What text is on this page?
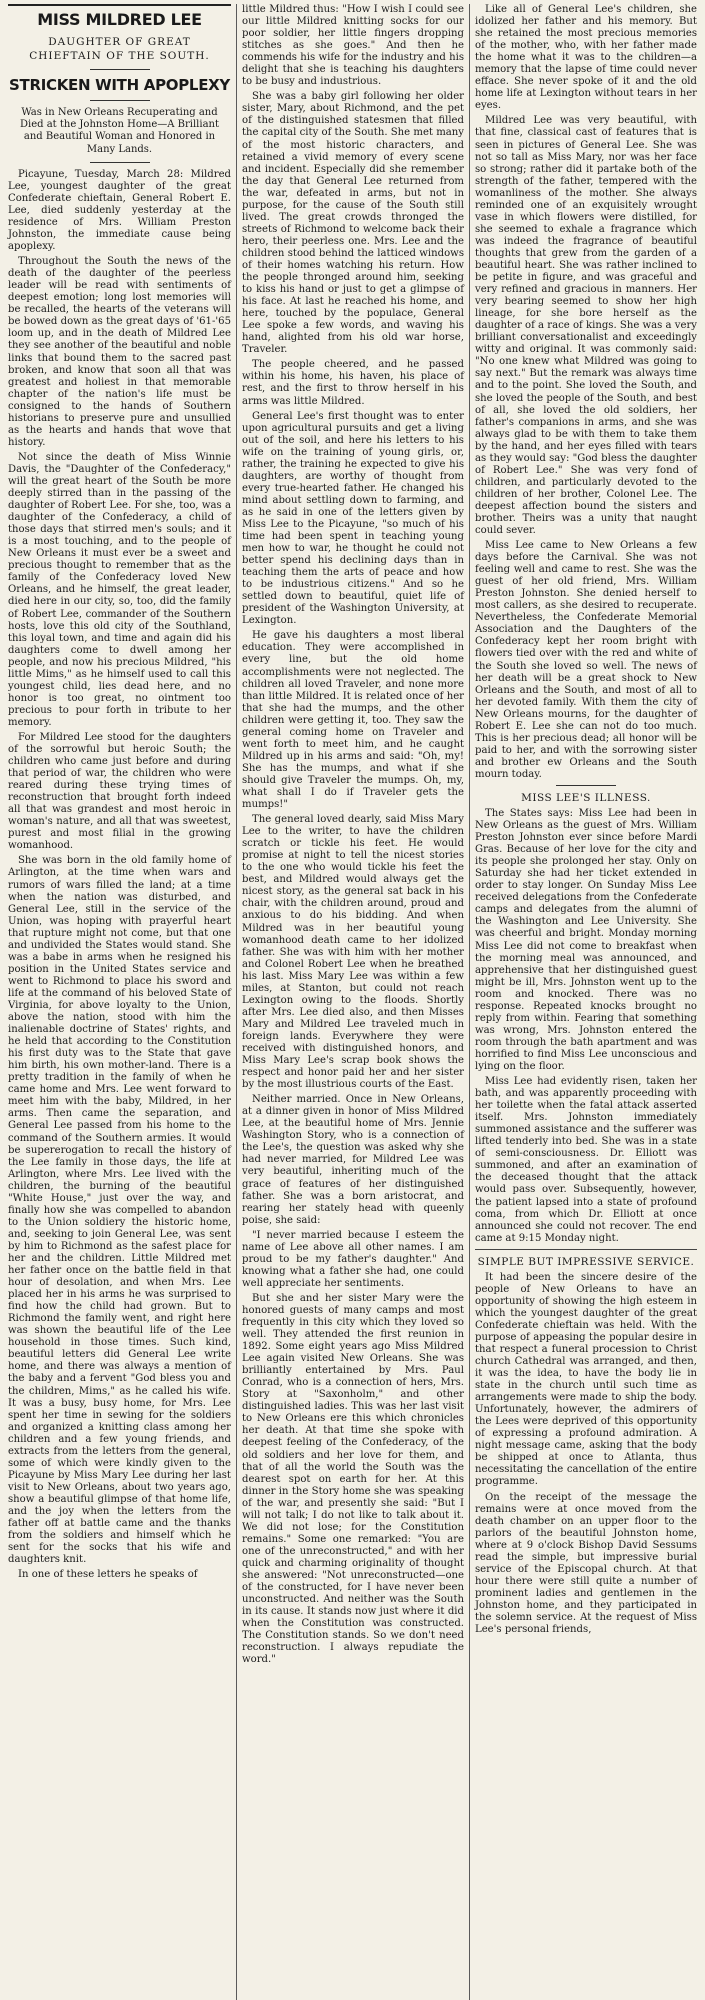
MISS MILDRED LEE
DAUGHTER OF GREAT CHIEFTAIN OF THE SOUTH.
STRICKEN WITH APOPLEXY
Was in New Orleans Recuperating and Died at the Johnston Home—A Brilliant and Beautiful Woman and Honored in Many Lands.

Picayune, Tuesday, March 28: Mildred Lee, youngest daughter of the great Confederate chieftain, General Robert E. Lee, died suddenly yesterday at the residence of Mrs. William Preston Johnston, the immediate cause being apoplexy.

Throughout the South the news of the death of the daughter of the peerless leader will be read with sentiments of deepest emotion; long lost memories will be recalled, the hearts of the veterans will be bowed down as the great days of '61-'65 loom up, and in the death of Mildred Lee they see another of the beautiful and noble links that bound them to the sacred past broken, and know that soon all that was greatest and holiest in that memorable chapter of the nation's life must be consigned to the hands of Southern historians to preserve pure and unsullied as the hearts and hands that wove that history.

Not since the death of Miss Winnie Davis, the "Daughter of the Confederacy," will the great heart of the South be more deeply stirred than in the passing of the daughter of Robert Lee. For she, too, was a daughter of the Confederacy, a child of those days that stirred men's souls; and it is a most touching, and to the people of New Orleans it must ever be a sweet and precious thought to remember that as the family of the Confederacy loved New Orleans, and he himself, the great leader, died here in our city, so, too, did the family of Robert Lee, commander of the Southern hosts, love this old city of the Southland, this loyal town, and time and again did his daughters come to dwell among her people, and now his precious Mildred, "his little Mims," as he himself used to call this youngest child, lies dead here, and no honor is too great, no ointment too precious to pour forth in tribute to her memory.

For Mildred Lee stood for the daughters of the sorrowful but heroic South; the children who came just before and during that period of war, the children who were reared during these trying times of reconstruction that brought forth indeed all that was grandest and most heroic in woman's nature, and all that was sweetest, purest and most filial in the growing womanhood.

She was born in the old family home of Arlington, at the time when wars and rumors of wars filled the land; at a time when the nation was disturbed, and General Lee, still in the service of the Union, was hoping with prayerful heart that rupture might not come, but that one and undivided the States would stand. She was a babe in arms when he resigned his position in the United States service and went to Richmond to place his sword and life at the command of his beloved State of Virginia, for above loyalty to the Union, above the nation, stood with him the inalienable doctrine of States' rights, and he held that according to the Constitution his first duty was to the State that gave him birth, his own mother-land. There is a pretty tradition in the family of when he came home and Mrs. Lee went forward to meet him with the baby, Mildred, in her arms. Then came the separation, and General Lee passed from his home to the command of the Southern armies. It would be supererogation to recall the history of the Lee family in those days, the life at Arlington, where Mrs. Lee lived with the children, the burning of the beautiful "White House," just over the way, and finally how she was compelled to abandon to the Union soldiery the historic home, and, seeking to join General Lee, was sent by him to Richmond as the safest place for her and the children. Little Mildred met her father once on the battle field in that hour of desolation, and when Mrs. Lee placed her in his arms he was surprised to find how the child had grown. But to Richmond the family went, and right here was shown the beautiful life of the Lee household in those times. Such kind, beautiful letters did General Lee write home, and there was always a mention of the baby and a fervent "God bless you and the children, Mims," as he called his wife. It was a busy, busy home, for Mrs. Lee spent her time in sewing for the soldiers and organized a knitting class among her children and a few young friends, and extracts from the letters from the general, some of which were kindly given to the Picayune by Miss Mary Lee during her last visit to New Orleans, about two years ago, show a beautiful glimpse of that home life, and the joy when the letters from the father off at battle came and the thanks from the soldiers and himself which he sent for the socks that his wife and daughters knit.

In one of these letters he speaks of

little Mildred thus: "How I wish I could see our little Mildred knitting socks for our poor soldier, her little fingers dropping stitches as she goes." And then he commends his wife for the industry and his delight that she is teaching his daughters to be busy and industrious.

She was a baby girl following her older sister, Mary, about Richmond, and the pet of the distinguished statesmen that filled the capital city of the South. She met many of the most historic characters, and retained a vivid memory of every scene and incident. Especially did she remember the day that General Lee returned from the war, defeated in arms, but not in purpose, for the cause of the South still lived. The great crowds thronged the streets of Richmond to welcome back their hero, their peerless one. Mrs. Lee and the children stood behind the latticed windows of their homes watching his return. How the people thronged around him, seeking to kiss his hand or just to get a glimpse of his face. At last he reached his home, and here, touched by the populace, General Lee spoke a few words, and waving his hand, alighted from his old war horse, Traveler.

The people cheered, and he passed within his home, his haven, his place of rest, and the first to throw herself in his arms was little Mildred.

General Lee's first thought was to enter upon agricultural pursuits and get a living out of the soil, and here his letters to his wife on the training of young girls, or, rather, the training he expected to give his daughters, are worthy of thought from every true-hearted father. He changed his mind about settling down to farming, and as he said in one of the letters given by Miss Lee to the Picayune, "so much of his time had been spent in teaching young men how to war, he thought he could not better spend his declining days than in teaching them the arts of peace and how to be industrious citizens." And so he settled down to beautiful, quiet life of president of the Washington University, at Lexington.

He gave his daughters a most liberal education. They were accomplished in every line, but the old home accomplishments were not neglected. The children all loved Traveler, and none more than little Mildred. It is related once of her that she had the mumps, and the other children were getting it, too. They saw the general coming home on Traveler and went forth to meet him, and he caught Mildred up in his arms and said: "Oh, my! She has the mumps, and what if she should give Traveler the mumps. Oh, my, what shall I do if Traveler gets the mumps!"

The general loved dearly, said Miss Mary Lee to the writer, to have the children scratch or tickle his feet. He would promise at night to tell the nicest stories to the one who would tickle his feet the best, and Mildred would always get the nicest story, as the general sat back in his chair, with the children around, proud and anxious to do his bidding. And when Mildred was in her beautiful young womanhood death came to her idolized father. She was with him with her mother and Colonel Robert Lee when he breathed his last. Miss Mary Lee was within a few miles, at Stanton, but could not reach Lexington owing to the floods. Shortly after Mrs. Lee died also, and then Misses Mary and Mildred Lee traveled much in foreign lands. Everywhere they were received with distinguished honors, and Miss Mary Lee's scrap book shows the respect and honor paid her and her sister by the most illustrious courts of the East.

Neither married. Once in New Orleans, at a dinner given in honor of Miss Mildred Lee, at the beautiful home of Mrs. Jennie Washington Story, who is a connection of the Lee's, the question was asked why she had never married, for Mildred Lee was very beautiful, inheriting much of the grace of features of her distinguished father. She was a born aristocrat, and rearing her stately head with queenly poise, she said:

"I never married because I esteem the name of Lee above all other names. I am proud to be my father's daughter." And knowing what a father she had, one could well appreciate her sentiments.

But she and her sister Mary were the honored guests of many camps and most frequently in this city which they loved so well. They attended the first reunion in 1892. Some eight years ago Miss Mildred Lee again visited New Orleans. She was brilliantly entertained by Mrs. Paul Conrad, who is a connection of hers, Mrs. Story at "Saxonholm," and other distinguished ladies. This was her last visit to New Orleans ere this which chronicles her death. At that time she spoke with deepest feeling of the Confederacy, of the old soldiers and her love for them, and that of all the world the South was the dearest spot on earth for her. At this dinner in the Story home she was speaking of the war, and presently she said: "But I will not talk; I do not like to talk about it. We did not lose; for the Constitution remains." Some one remarked: "You are one of the unreconstructed," and with her quick and charming originality of thought she answered: "Not unreconstructed—one of the constructed, for I have never been unconstructed. And neither was the South in its cause. It stands now just where it did when the Constitution was constructed. The Constitution stands. So we don't need reconstruction. I always repudiate the word."

Like all of General Lee's children, she idolized her father and his memory. But she retained the most precious memories of the mother, who, with her father made the home what it was to the children—a memory that the lapse of time could never efface. She never spoke of it and the old home life at Lexington without tears in her eyes.

Mildred Lee was very beautiful, with that fine, classical cast of features that is seen in pictures of General Lee. She was not so tall as Miss Mary, nor was her face so strong; rather did it partake both of the strength of the father, tempered with the womanliness of the mother. She always reminded one of an exquisitely wrought vase in which flowers were distilled, for she seemed to exhale a fragrance which was indeed the fragrance of beautiful thoughts that grew from the garden of a beautiful heart. She was rather inclined to be petite in figure, and was graceful and very refined and gracious in manners. Her very bearing seemed to show her high lineage, for she bore herself as the daughter of a race of kings. She was a very brilliant conversationalist and exceedingly witty and original. It was commonly said: "No one knew what Mildred was going to say next." But the remark was always time and to the point. She loved the South, and she loved the people of the South, and best of all, she loved the old soldiers, her father's companions in arms, and she was always glad to be with them to take them by the hand, and her eyes filled with tears as they would say: "God bless the daughter of Robert Lee." She was very fond of children, and particularly devoted to the children of her brother, Colonel Lee. The deepest affection bound the sisters and brother. Theirs was a unity that naught could sever.

Miss Lee came to New Orleans a few days before the Carnival. She was not feeling well and came to rest. She was the guest of her old friend, Mrs. William Preston Johnston. She denied herself to most callers, as she desired to recuperate. Nevertheless, the Confederate Memorial Association and the Daughters of the Confederacy kept her room bright with flowers tied over with the red and white of the South she loved so well. The news of her death will be a great shock to New Orleans and the South, and most of all to her devoted family. With them the city of New Orleans mourns, for the daughter of Robert E. Lee she can not do too much. This is her precious dead; all honor will be paid to her, and with the sorrowing sister and brother ew Orleans and the South mourn today.

MISS LEE'S ILLNESS.

The States says: Miss Lee had been in New Orleans as the guest of Mrs. William Preston Johnston ever since before Mardi Gras. Because of her love for the city and its people she prolonged her stay. Only on Saturday she had her ticket extended in order to stay longer. On Sunday Miss Lee received delegations from the Confederate camps and delegates from the alumni of the Washington and Lee University. She was cheerful and bright. Monday morning Miss Lee did not come to breakfast when the morning meal was announced, and apprehensive that her distinguished guest might be ill, Mrs. Johnston went up to the room and knocked. There was no response. Repeated knocks brought no reply from within. Fearing that something was wrong, Mrs. Johnston entered the room through the bath apartment and was horrified to find Miss Lee unconscious and lying on the floor.

Miss Lee had evidently risen, taken her bath, and was apparently proceeding with her toilette when the fatal attack asserted itself. Mrs. Johnston immediately summoned assistance and the sufferer was lifted tenderly into bed. She was in a state of semi-consciousness. Dr. Elliott was summoned, and after an examination of the deceased thought that the attack would pass over. Subsequently, however, the patient lapsed into a state of profound coma, from which Dr. Elliott at once announced she could not recover. The end came at 9:15 Monday night.

SIMPLE BUT IMPRESSIVE SERVICE.

It had been the sincere desire of the people of New Orleans to have an opportunity of showing the high esteem in which the youngest daughter of the great Confederate chieftain was held. With the purpose of appeasing the popular desire in that respect a funeral procession to Christ church Cathedral was arranged, and then, it was the idea, to have the body lie in state in the church until such time as arrangements were made to ship the body. Unfortunately, however, the admirers of the Lees were deprived of this opportunity of expressing a profound admiration. A night message came, asking that the body be shipped at once to Atlanta, thus necessitating the cancellation of the entire programme.

On the receipt of the message the remains were at once moved from the death chamber on an upper floor to the parlors of the beautiful Johnston home, where at 9 o'clock Bishop David Sessums read the simple, but impressive burial service of the Episcopal church. At that hour there were still quite a number of prominent ladies and gentlemen in the Johnston home, and they participated in the solemn service. At the request of Miss Lee's personal friends,
